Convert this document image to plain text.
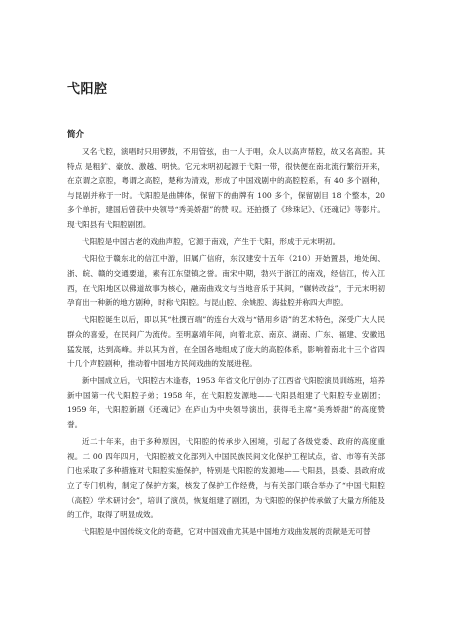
弋阳腔
简介

又名弋腔，演唱时只用锣鼓，不用管弦，由一人于唱，众人以高声帮腔，故又名高腔。其特点 是粗犷、豪放、激越、明快。它元末明初起源于弋阳一带，很快便在南北流行繁衍开来，在京谓之京腔，粤谓之高腔，楚称为清戏，形成了中国戏剧中的高腔腔系，有 40 多个剧种，与昆剧并称于一时。弋阳腔是曲牌体，保留下的曲牌有 100 多个，保留剧目 18 个整本，20 多个单折，建国后曾获中央领导“秀美娇甜”的赞 叹。还拍摄了《珍珠记》、《还魂记》等影片。现弋阳县有弋阳腔剧团。

弋阳腔是中国古老的戏曲声腔，它源于南戏，产生于弋阳，形成于元末明初。

弋阳位于赣东北的信江中游，旧属广信府，东汉建安十五年（210）开始置县，地处闽、浙、皖、赣的交通要道，素有江东望镇之誉。南宋中期，勃兴于浙江的南戏，经信江，传入江西，在弋阳地区以佛道故事为核心，融南曲戏文与当地音乐于其间，“辗转改益”，于元末明初孕育出一种新的地方剧种，时称弋阳腔。与昆山腔、余姚腔、海盐腔并称四大声腔。

弋阳腔诞生以后，即以其“杜撰百端”的连台大戏与“错用乡语”的艺术特色，深受广大人民群众的喜爱，在民间广为流传。至明嘉靖年间，向着北京、南京、湖南、广东、福建、安徽迅猛发展，达到高峰。并以其为首，在全国各地组成了庞大的高腔体系，影响着南北十三个省四十几个声腔剧种，推动着中国地方民间戏曲的发展进程。

新中国成立后，弋阳腔古木逢春，1953 年省文化厅创办了江西省弋阳腔演员训练班，培养新中国第一代弋阳腔子弟；1958 年，在弋阳腔发源地——弋阳县组建了弋阳腔专业剧团；1959 年，弋阳腔新剧《还魂记》在庐山为中央领导演出，获得毛主席“美秀娇甜”的高度赞誉。

近二十年来，由于多种原因，弋阳腔的传承步入困境，引起了各级党委、政府的高度重视。二 00 四年四月，弋阳腔被文化部列入中国民族民间文化保护工程试点，省、市等有关部门也采取了多种措施对弋阳腔实施保护，特别是弋阳腔的发源地——弋阳县，县委、县政府成立了专门机构，制定了保护方案，核发了保护工作经费，与有关部门联合举办了“中国弋阳腔（高腔）学术研讨会”，培训了演员，恢复组建了剧团，为弋阳腔的保护传承做了大量方所能及的工作，取得了明显成效。

弋阳腔是中国传统文化的奇葩，它对中国戏曲尤其是中国地方戏曲发展的贡献是无可替
